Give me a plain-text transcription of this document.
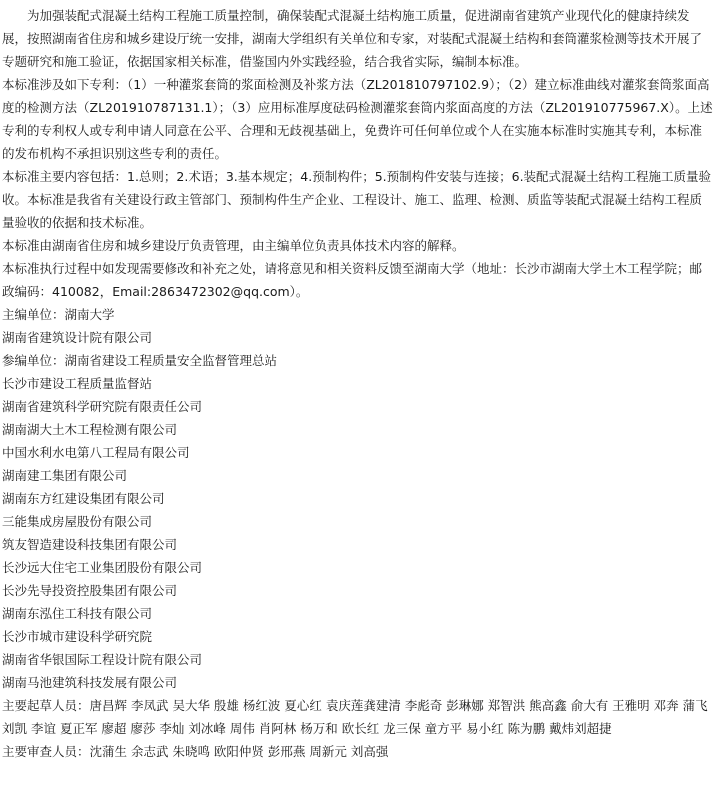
为加强装配式混凝土结构工程施工质量控制，确保装配式混凝土结构施工质量，促进湖南省建筑产业现代化的健康持续发展，按照湖南省住房和城乡建设厅统一安排，湖南大学组织有关单位和专家，对装配式混凝土结构和套筒灌浆检测等技术开展了专题研究和施工验证，依据国家相关标准，借鉴国内外实践经验，结合我省实际，编制本标准。

本标准涉及如下专利：（1）一种灌浆套筒的浆面检测及补浆方法（ZL201810797102.9）；（2）建立标准曲线对灌浆套筒浆面高度的检测方法（ZL201910787131.1）；（3）应用标准厚度砝码检测灌浆套筒内浆面高度的方法（ZL201910775967.X）。上述专利的专利权人或专利申请人同意在公平、合理和无歧视基础上，免费许可任何单位或个人在实施本标准时实施其专利，本标准的发布机构不承担识别这些专利的责任。

本标准主要内容包括：1.总则；2.术语；3.基本规定；4.预制构件；5.预制构件安装与连接；6.装配式混凝土结构工程施工质量验收。本标准是我省有关建设行政主管部门、预制构件生产企业、工程设计、施工、监理、检测、质监等装配式混凝土结构工程质量验收的依据和技术标准。

本标准由湖南省住房和城乡建设厅负责管理，由主编单位负责具体技术内容的解释。

本标准执行过程中如发现需要修改和补充之处，请将意见和相关资料反馈至湖南大学（地址：长沙市湖南大学土木工程学院；邮政编码：410082，Email:2863472302@qq.com）。

主编单位：湖南大学

湖南省建筑设计院有限公司

参编单位：湖南省建设工程质量安全监督管理总站

长沙市建设工程质量监督站

湖南省建筑科学研究院有限责任公司

湖南湖大土木工程检测有限公司

中国水利水电第八工程局有限公司

湖南建工集团有限公司

湖南东方红建设集团有限公司

三能集成房屋股份有限公司

筑友智造建设科技集团有限公司

长沙远大住宅工业集团股份有限公司

长沙先导投资控股集团有限公司

湖南东泓住工科技有限公司

长沙市城市建设科学研究院

湖南省华银国际工程设计院有限公司

湖南马池建筑科技发展有限公司

主要起草人员：唐昌辉 李凤武 吴大华 殷雄 杨红波 夏心红 袁庆莲龚建清 李彪奇 彭琳娜 郑智洪 熊高鑫 俞大有 王雅明 邓奔 蒲飞刘凯 李谊 夏正军 廖超 廖莎 李灿 刘冰峰 周伟 肖阿林 杨万和 欧长红 龙三保 童方平 易小红 陈为鹏 戴炜刘超捷

主要审查人员：沈蒲生 余志武 朱晓鸣 欧阳仲贤 彭邢燕 周新元 刘高强
